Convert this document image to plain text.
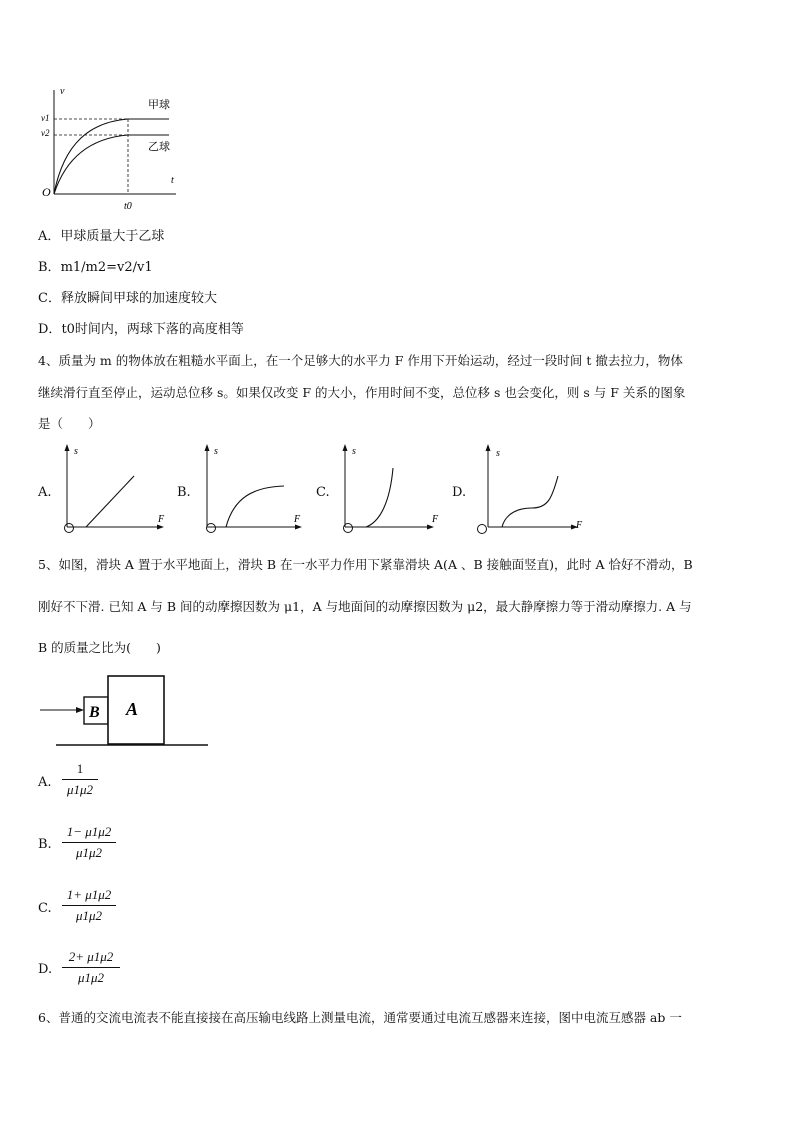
v
t
O
v1
v2
t0
甲球
乙球
A．甲球质量大于乙球
B．m1/m2=v2/v1
C．释放瞬间甲球的加速度较大
D．t0时间内，两球下落的高度相等
4、质量为 m 的物体放在粗糙水平面上，在一个足够大的水平力 F 作用下开始运动，经过一段时间 t 撤去拉力，物体
继续滑行直至停止，运动总位移 s。如果仅改变 F 的大小，作用时间不变，总位移 s 也会变化，则 s 与 F 关系的图象
是（　　）
A.
s
F
B.
s
F
C.
s
F
D.
s
F
5、如图，滑块 A 置于水平地面上，滑块 B 在一水平力作用下紧靠滑块 A(A 、B 接触面竖直)，此时 A 恰好不滑动，B
刚好不下滑. 已知 A 与 B 间的动摩擦因数为 μ1，A 与地面间的动摩擦因数为 μ2，最大静摩擦力等于滑动摩擦力. A 与
B 的质量之比为(　　)
B A
A. $\frac{1}{\mu 1\mu 2}$
B. $\frac{1- \mu 1\mu 2}{\mu 1\mu 2}$
C. $\frac{1+ \mu 1\mu 2}{\mu 1\mu 2}$
D. $\frac{2+ \mu 1\mu 2}{\mu 1\mu 2}$
6、普通的交流电流表不能直接接在高压输电线路上测量电流，通常要通过电流互感器来连接，图中电流互感器 ab 一
